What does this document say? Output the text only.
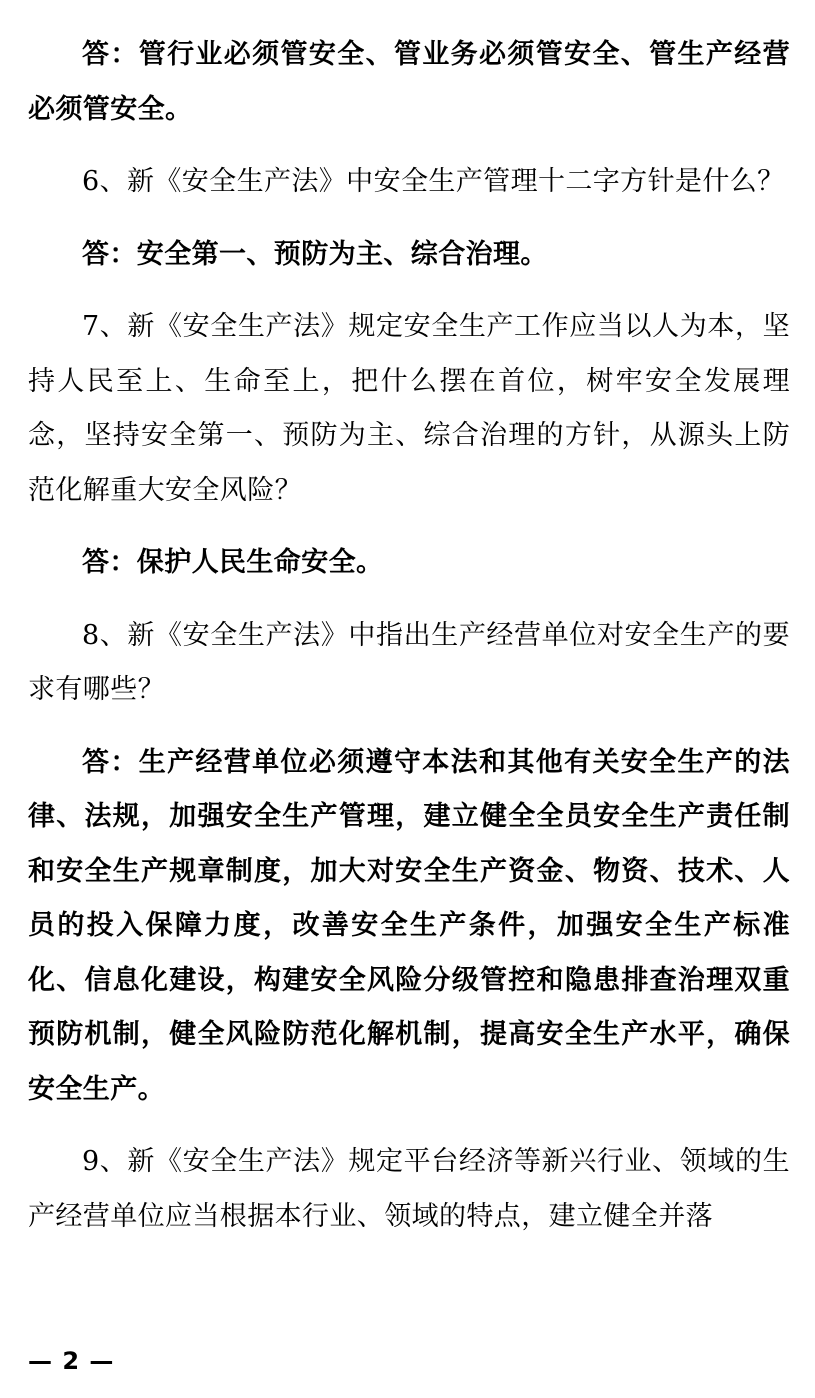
答：管行业必须管安全、管业务必须管安全、管生产经营必须管安全。

6、新《安全生产法》中安全生产管理十二字方针是什么？

答：安全第一、预防为主、综合治理。

7、新《安全生产法》规定安全生产工作应当以人为本，坚持人民至上、生命至上，把什么摆在首位，树牢安全发展理念，坚持安全第一、预防为主、综合治理的方针，从源头上防范化解重大安全风险？

答：保护人民生命安全。

8、新《安全生产法》中指出生产经营单位对安全生产的要求有哪些？

答：生产经营单位必须遵守本法和其他有关安全生产的法律、法规，加强安全生产管理，建立健全全员安全生产责任制和安全生产规章制度，加大对安全生产资金、物资、技术、人员的投入保障力度，改善安全生产条件，加强安全生产标准化、信息化建设，构建安全风险分级管控和隐患排查治理双重预防机制，健全风险防范化解机制，提高安全生产水平，确保安全生产。

9、新《安全生产法》规定平台经济等新兴行业、领域的生产经营单位应当根据本行业、领域的特点，建立健全并落

— 2 —
